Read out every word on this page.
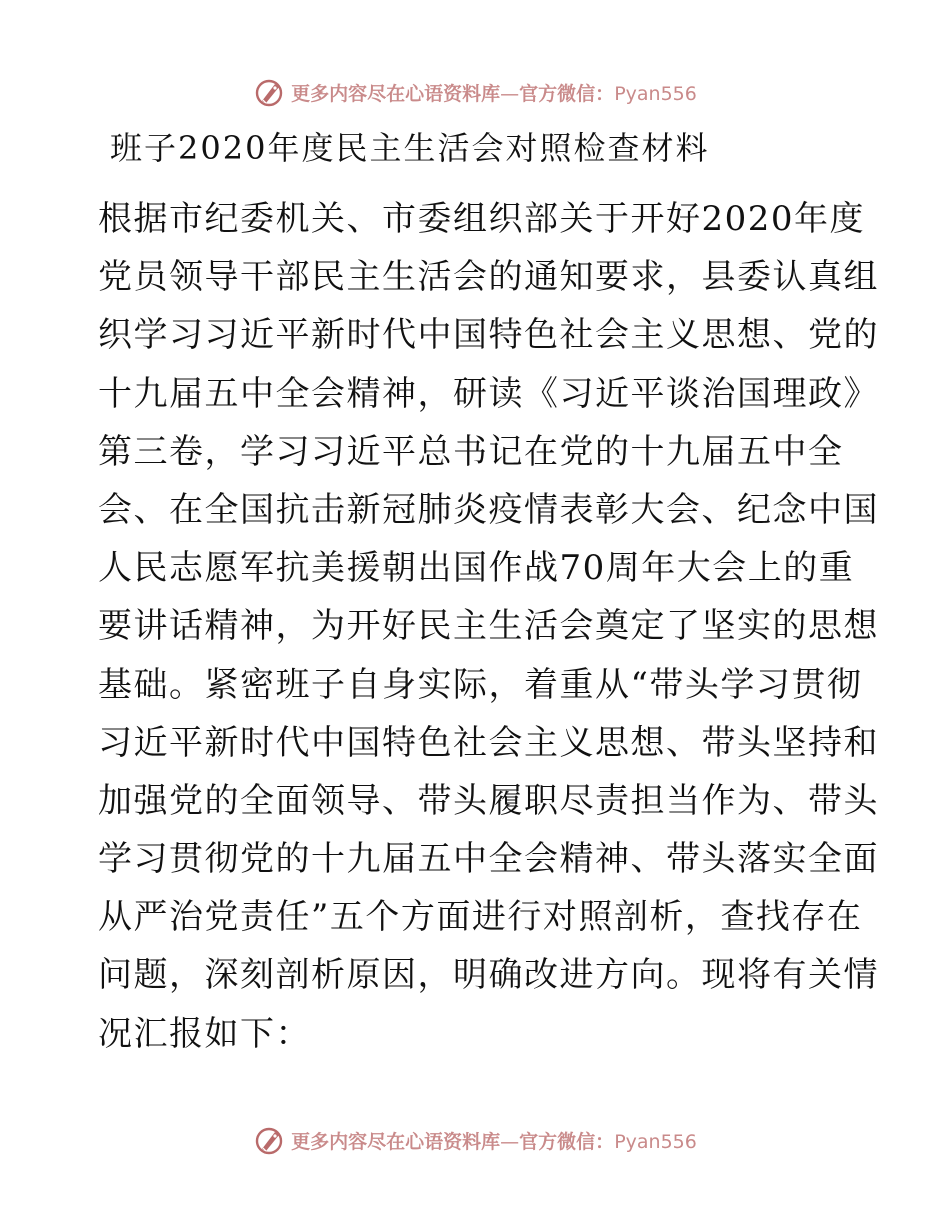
更多内容尽在心语资料库—官方微信：Pyan556
班子2020年度民主生活会对照检查材料
根据市纪委机关、市委组织部关于开好2020年度
党员领导干部民主生活会的通知要求，县委认真组
织学习习近平新时代中国特色社会主义思想、党的
十九届五中全会精神，研读《习近平谈治国理政》
第三卷，学习习近平总书记在党的十九届五中全
会、在全国抗击新冠肺炎疫情表彰大会、纪念中国
人民志愿军抗美援朝出国作战70周年大会上的重
要讲话精神，为开好民主生活会奠定了坚实的思想
基础。紧密班子自身实际，着重从“带头学习贯彻
习近平新时代中国特色社会主义思想、带头坚持和
加强党的全面领导、带头履职尽责担当作为、带头
学习贯彻党的十九届五中全会精神、带头落实全面
从严治党责任”五个方面进行对照剖析，查找存在
问题，深刻剖析原因，明确改进方向。现将有关情
况汇报如下：
更多内容尽在心语资料库—官方微信：Pyan556
